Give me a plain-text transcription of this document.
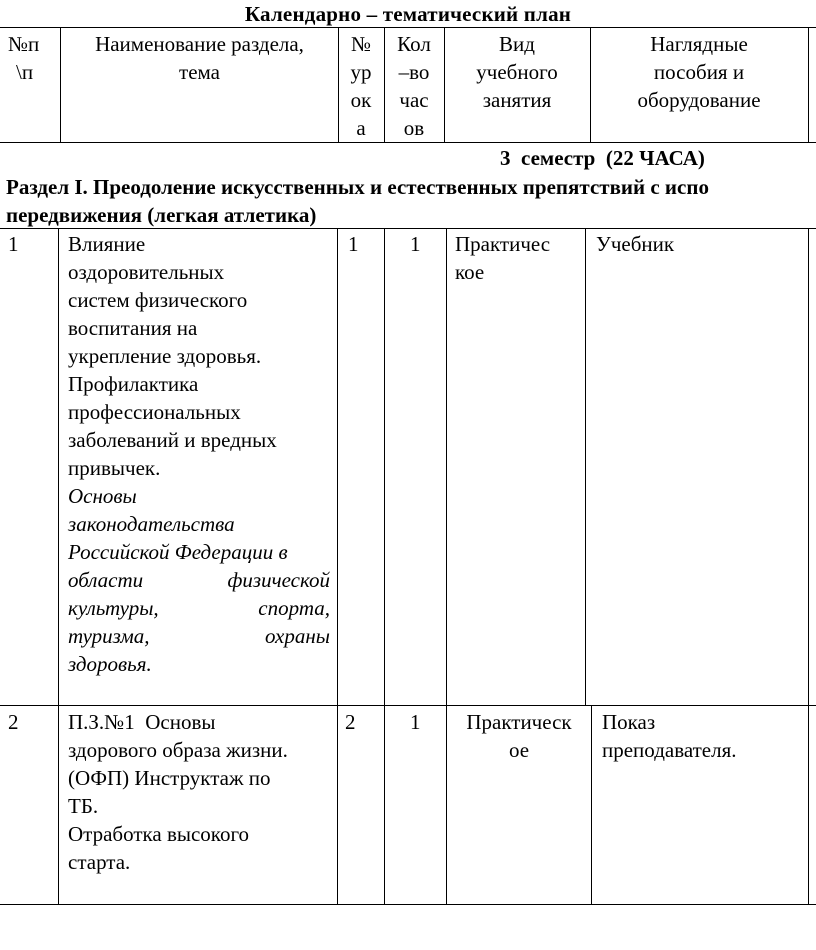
Календарно – тематический план
№п
\п
Наименование раздела,
тема
№
ур
ок
а
Кол
–во
час
ов
Вид
учебного
занятия
Наглядные
пособия и
оборудование
3  семестр  (22 ЧАСА)
Раздел I. Преодоление искусственных и естественных препятствий с испо
передвижения (легкая атлетика)
1 Влияние
оздоровительных
систем физического
воспитания на
укрепление здоровья.
Профилактика
профессиональных
заболеваний и вредных
привычек.
Основы
законодательства
Российской Федерации в
области физической
культуры, спорта,
туризма, охраны
здоровья.
1 1 Практичес
кое
Учебник
2 П.З.№1  Основы
здорового образа жизни.
(ОФП) Инструктаж по
ТБ.
Отработка высокого
старта.
2	1	Практическ
ое
Показ
преподавателя.
